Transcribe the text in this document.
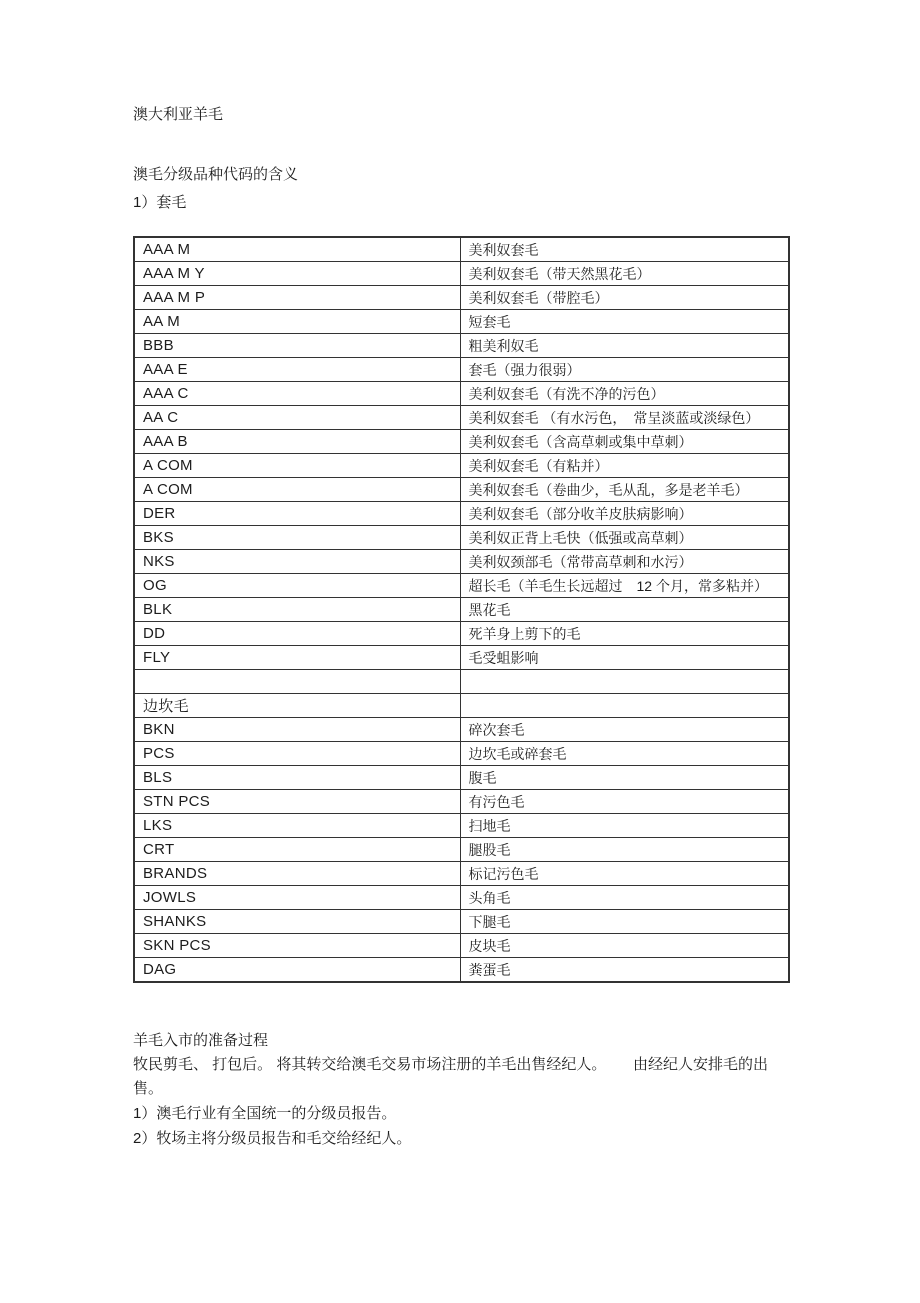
澳大利亚羊毛

澳毛分级品种代码的含义

1）套毛

AAA M	美利奴套毛
AAA M Y	美利奴套毛（带天然黑花毛）
AAA M P	美利奴套毛（带腔毛）
AA M	短套毛
BBB	粗美利奴毛
AAA E	套毛（强力很弱）
AAA C	美利奴套毛（有洗不净的污色）
AA C	美利奴套毛 （有水污色，　常呈淡蓝或淡绿色）
AAA B	美利奴套毛（含高草刺或集中草刺）
A COM	美利奴套毛（有粘并）
A COM	美利奴套毛（卷曲少，毛从乱，多是老羊毛）
DER	美利奴套毛（部分收羊皮肤病影响）
BKS	美利奴正背上毛快（低强或高草刺）
NKS	美利奴颈部毛（常带高草刺和水污）
OG	超长毛（羊毛生长远超过　12 个月，常多粘并）
BLK	黑花毛
DD	死羊身上剪下的毛
FLY	毛受蛆影响

边坎毛	
BKN	碎次套毛
PCS	边坎毛或碎套毛
BLS	腹毛
STN PCS	有污色毛
LKS	扫地毛
CRT	腿股毛
BRANDS	标记污色毛
JOWLS	头角毛
SHANKS	下腿毛
SKN PCS	皮块毛
DAG	粪蛋毛

羊毛入市的准备过程

牧民剪毛、 打包后。 将其转交给澳毛交易市场注册的羊毛出售经纪人。　　 由经纪人安排毛的出售。

1）澳毛行业有全国统一的分级员报告。

2）牧场主将分级员报告和毛交给经纪人。
